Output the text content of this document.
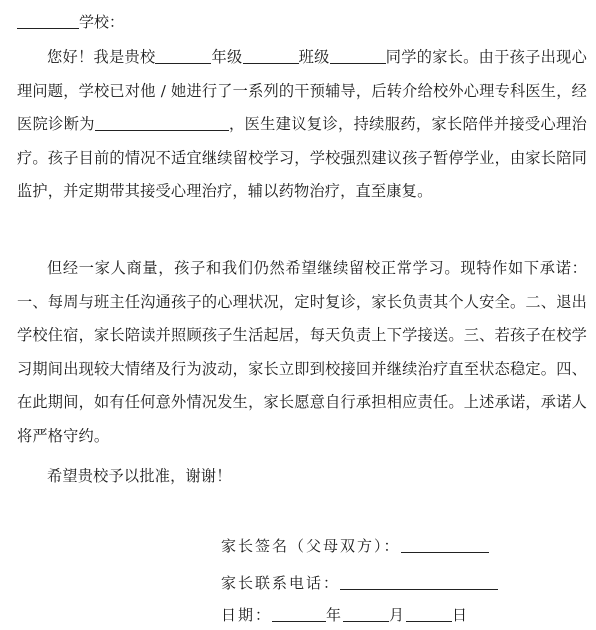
学校：
您好！我是贵校	年级	班级	同学的家长。由于孩子出现心理问题，学校已对他 / 她进行了一系列的干预辅导，后转介给校外心理专科医生，经医院诊断为	，医生建议复诊，持续服药，家长陪伴并接受心理治疗。孩子目前的情况不适宜继续留校学习，学校强烈建议孩子暂停学业，由家长陪同监护，并定期带其接受心理治疗，辅以药物治疗，直至康复。
但经一家人商量，孩子和我们仍然希望继续留校正常学习。现特作如下承诺：一、每周与班主任沟通孩子的心理状况，定时复诊，家长负责其个人安全。二、退出学校住宿，家长陪读并照顾孩子生活起居，每天负责上下学接送。三、若孩子在校学习期间出现较大情绪及行为波动，家长立即到校接回并继续治疗直至状态稳定。四、在此期间，如有任何意外情况发生，家长愿意自行承担相应责任。上述承诺，承诺人将严格守约。
希望贵校予以批准，谢谢！
家长签名（父母双方）：
家长联系电话：
日期：	年	月	日
